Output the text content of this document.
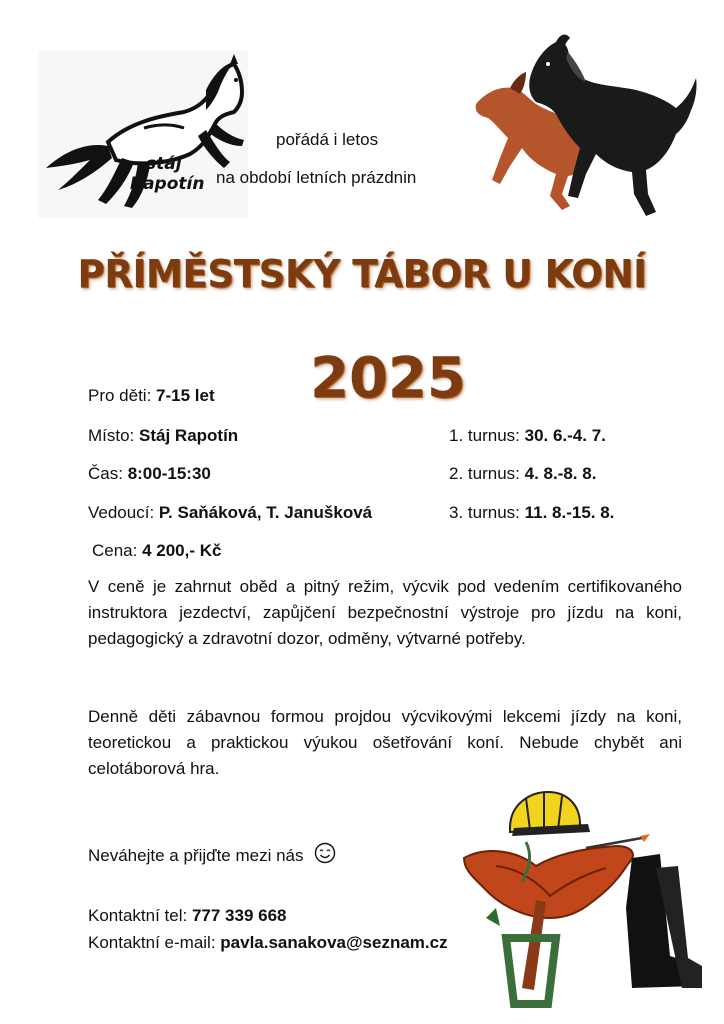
stáj
Rapotín
pořádá i letos
na období letních prázdnin
PŘÍMĚSTSKÝ TÁBOR U KONÍ
2025
Pro děti: 7-15 let
Místo: Stáj Rapotín
Čas: 8:00-15:30
Vedoucí: P. Saňáková, T. Janušková
Cena: 4 200,- Kč
1. turnus: 30. 6.-4. 7.
2. turnus: 4. 8.-8. 8.
3. turnus: 11. 8.-15. 8.
V ceně je zahrnut oběd a pitný režim, výcvik pod vedením certifikovaného instruktora jezdectví, zapůjčení bezpečnostní výstroje pro jízdu na koni, pedagogický a zdravotní dozor, odměny, výtvarné potřeby.
Denně děti zábavnou formou projdou výcvikovými lekcemi jízdy na koni, teoretickou a praktickou výukou ošetřování koní. Nebude chybět ani celotáborová hra.
Neváhejte a přijďte mezi nás
Kontaktní tel: 777 339 668
Kontaktní e-mail: pavla.sanakova@seznam.cz
